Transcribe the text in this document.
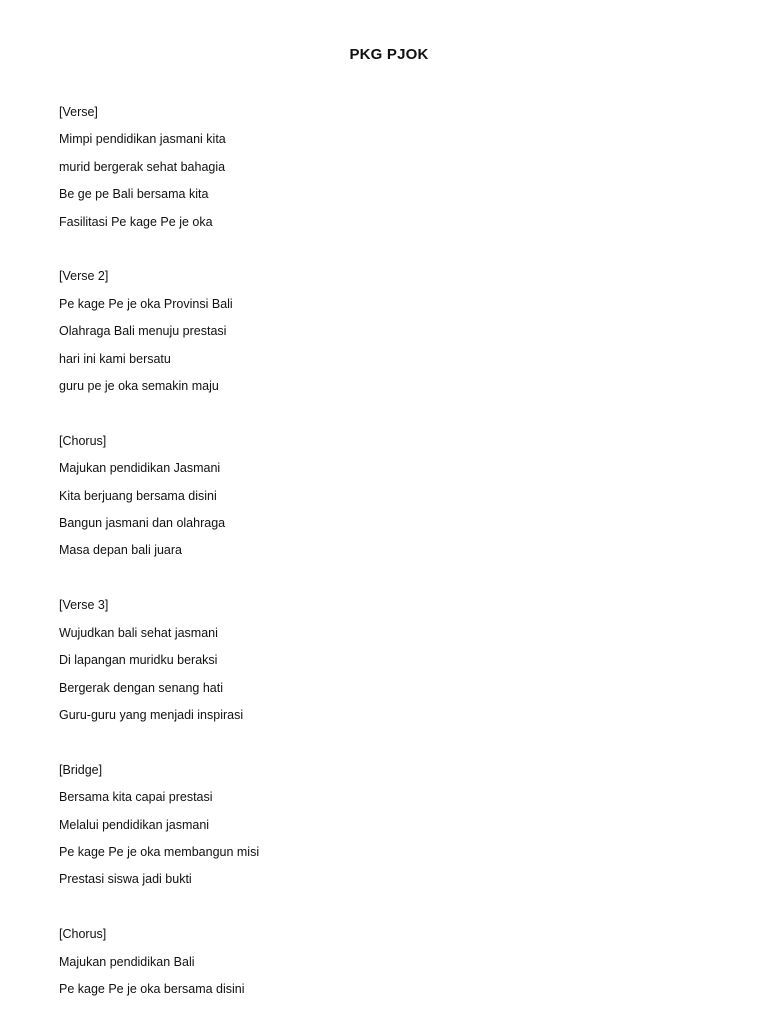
PKG PJOK
[Verse]
Mimpi pendidikan jasmani kita
murid bergerak sehat bahagia
Be ge pe Bali bersama kita
Fasilitasi Pe kage Pe je oka
[Verse 2]
Pe kage Pe je oka Provinsi Bali
Olahraga Bali menuju prestasi
hari ini kami bersatu
guru pe je oka semakin maju
[Chorus]
Majukan pendidikan Jasmani
Kita berjuang bersama disini
Bangun jasmani dan olahraga
Masa depan bali juara
[Verse 3]
Wujudkan bali sehat jasmani
Di lapangan muridku beraksi
Bergerak dengan senang hati
Guru-guru yang menjadi inspirasi
[Bridge]
Bersama kita capai prestasi
Melalui pendidikan jasmani
Pe kage Pe je oka membangun misi
Prestasi siswa jadi bukti
[Chorus]
Majukan pendidikan Bali
Pe kage Pe je oka bersama disini
